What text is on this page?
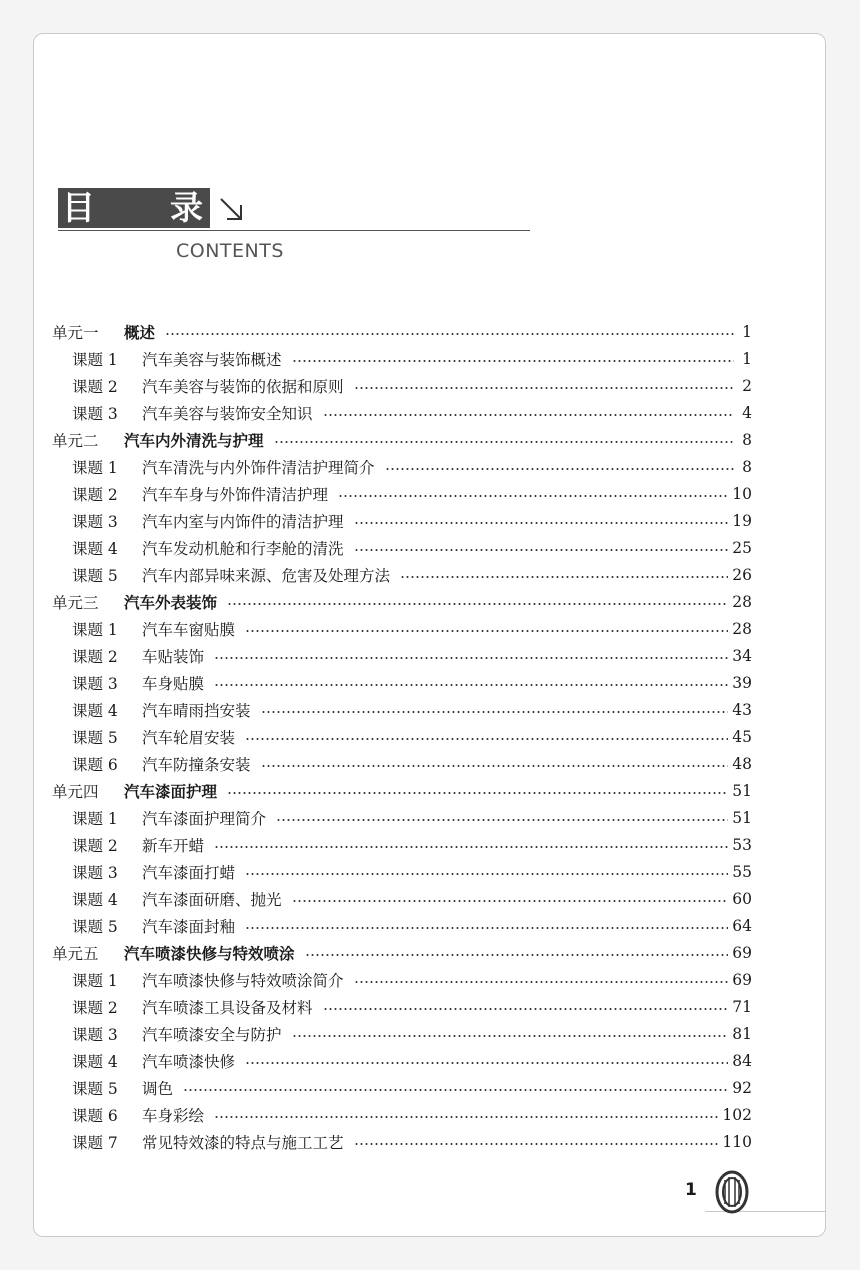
目 录
CONTENTS
单元一	概述	1
课题 1	汽车美容与装饰概述	1
课题 2	汽车美容与装饰的依据和原则	2
课题 3	汽车美容与装饰安全知识	4
单元二	汽车内外清洗与护理	8
课题 1	汽车清洗与内外饰件清洁护理简介	8
课题 2	汽车车身与外饰件清洁护理	10
课题 3	汽车内室与内饰件的清洁护理	19
课题 4	汽车发动机舱和行李舱的清洗	25
课题 5	汽车内部异味来源、危害及处理方法	26
单元三	汽车外表装饰	28
课题 1	汽车车窗贴膜	28
课题 2	车贴装饰	34
课题 3	车身贴膜	39
课题 4	汽车晴雨挡安装	43
课题 5	汽车轮眉安装	45
课题 6	汽车防撞条安装	48
单元四	汽车漆面护理	51
课题 1	汽车漆面护理简介	51
课题 2	新车开蜡	53
课题 3	汽车漆面打蜡	55
课题 4	汽车漆面研磨、抛光	60
课题 5	汽车漆面封釉	64
单元五	汽车喷漆快修与特效喷涂	69
课题 1	汽车喷漆快修与特效喷涂简介	69
课题 2	汽车喷漆工具设备及材料	71
课题 3	汽车喷漆安全与防护	81
课题 4	汽车喷漆快修	84
课题 5	调色	92
课题 6	车身彩绘	102
课题 7	常见特效漆的特点与施工工艺	110
1
